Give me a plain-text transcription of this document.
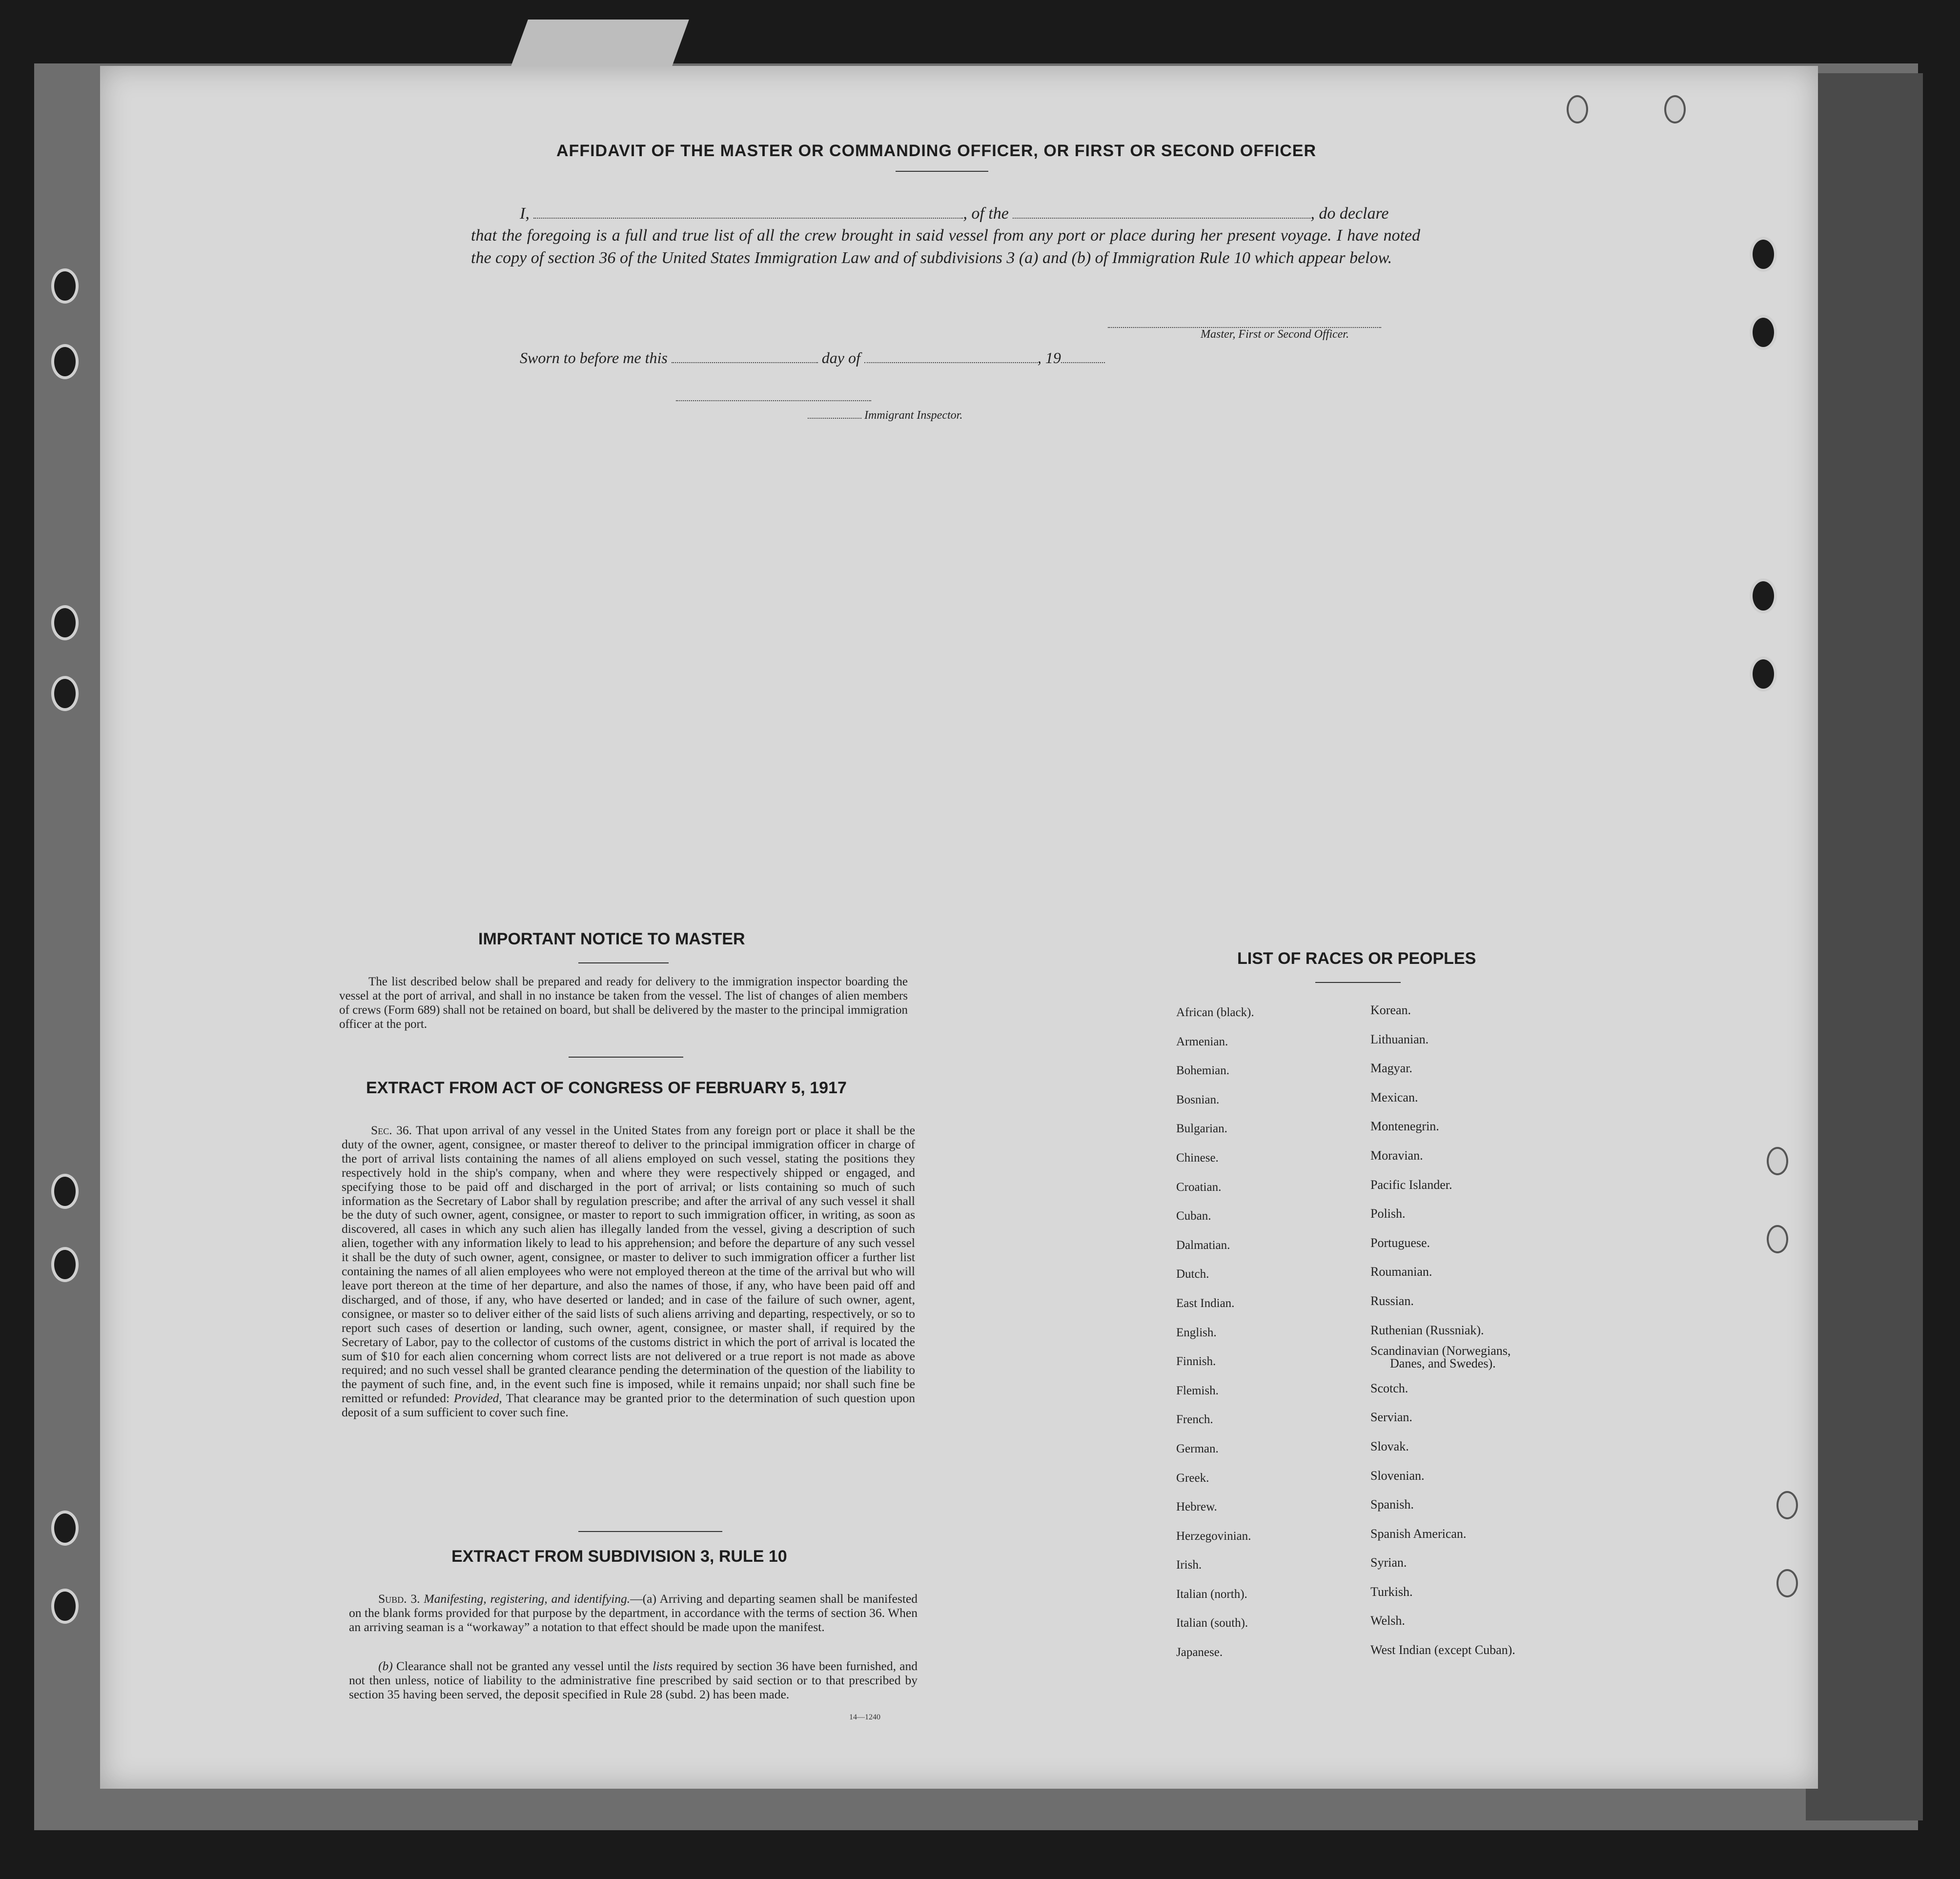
AFFIDAVIT OF THE MASTER OR COMMANDING OFFICER, OR FIRST OR SECOND OFFICER
I,	, of the	, do declare
that the foregoing is a full and true list of all the crew brought in said vessel from any port or place during her present voyage. I have noted the copy of section 36 of the United States Immigration Law and of subdivisions 3 (a) and (b) of Immigration Rule 10 which appear below.
Master, First or Second Officer.
Sworn to before me this	day of	, 19
Immigrant Inspector.
IMPORTANT NOTICE TO MASTER
The list described below shall be prepared and ready for delivery to the immigration inspector boarding the vessel at the port of arrival, and shall in no instance be taken from the vessel. The list of changes of alien members of crews (Form 689) shall not be retained on board, but shall be delivered by the master to the principal immigration officer at the port.
EXTRACT FROM ACT OF CONGRESS OF FEBRUARY 5, 1917
Sec. 36. That upon arrival of any vessel in the United States from any foreign port or place it shall be the duty of the owner, agent, consignee, or master thereof to deliver to the principal immigration officer in charge of the port of arrival lists containing the names of all aliens employed on such vessel, stating the positions they respectively hold in the ship's company, when and where they were respectively shipped or engaged, and specifying those to be paid off and discharged in the port of arrival; or lists containing so much of such information as the Secretary of Labor shall by regulation prescribe; and after the arrival of any such vessel it shall be the duty of such owner, agent, consignee, or master to report to such immigration officer, in writing, as soon as discovered, all cases in which any such alien has illegally landed from the vessel, giving a description of such alien, together with any information likely to lead to his apprehension; and before the departure of any such vessel it shall be the duty of such owner, agent, consignee, or master to deliver to such immigration officer a further list containing the names of all alien employees who were not employed thereon at the time of the arrival but who will leave port thereon at the time of her departure, and also the names of those, if any, who have been paid off and discharged, and of those, if any, who have deserted or landed; and in case of the failure of such owner, agent, consignee, or master so to deliver either of the said lists of such aliens arriving and departing, respectively, or so to report such cases of desertion or landing, such owner, agent, consignee, or master shall, if required by the Secretary of Labor, pay to the collector of customs of the customs district in which the port of arrival is located the sum of $10 for each alien concerning whom correct lists are not delivered or a true report is not made as above required; and no such vessel shall be granted clearance pending the determination of the question of the liability to the payment of such fine, and, in the event such fine is imposed, while it remains unpaid; nor shall such fine be remitted or refunded: Provided, That clearance may be granted prior to the determination of such question upon deposit of a sum sufficient to cover such fine.
EXTRACT FROM SUBDIVISION 3, RULE 10
Subd. 3. Manifesting, registering, and identifying.—(a) Arriving and departing seamen shall be manifested on the blank forms provided for that purpose by the department, in accordance with the terms of section 36. When an arriving seaman is a “workaway” a notation to that effect should be made upon the manifest.
(b) Clearance shall not be granted any vessel until the lists required by section 36 have been furnished, and not then unless, notice of liability to the administrative fine prescribed by said section or to that prescribed by section 35 having been served, the deposit specified in Rule 28 (subd. 2) has been made.
14—1240
LIST OF RACES OR PEOPLES
African (black).
Armenian.
Bohemian.
Bosnian.
Bulgarian.
Chinese.
Croatian.
Cuban.
Dalmatian.
Dutch.
East Indian.
English.
Finnish.
Flemish.
French.
German.
Greek.
Hebrew.
Herzegovinian.
Irish.
Italian (north).
Italian (south).
Japanese.
Korean.
Lithuanian.
Magyar.
Mexican.
Montenegrin.
Moravian.
Pacific Islander.
Polish.
Portuguese.
Roumanian.
Russian.
Ruthenian (Russniak).
Scandinavian (Norwegians,
Danes, and Swedes).
Scotch.
Servian.
Slovak.
Slovenian.
Spanish.
Spanish American.
Syrian.
Turkish.
Welsh.
West Indian (except Cuban).
